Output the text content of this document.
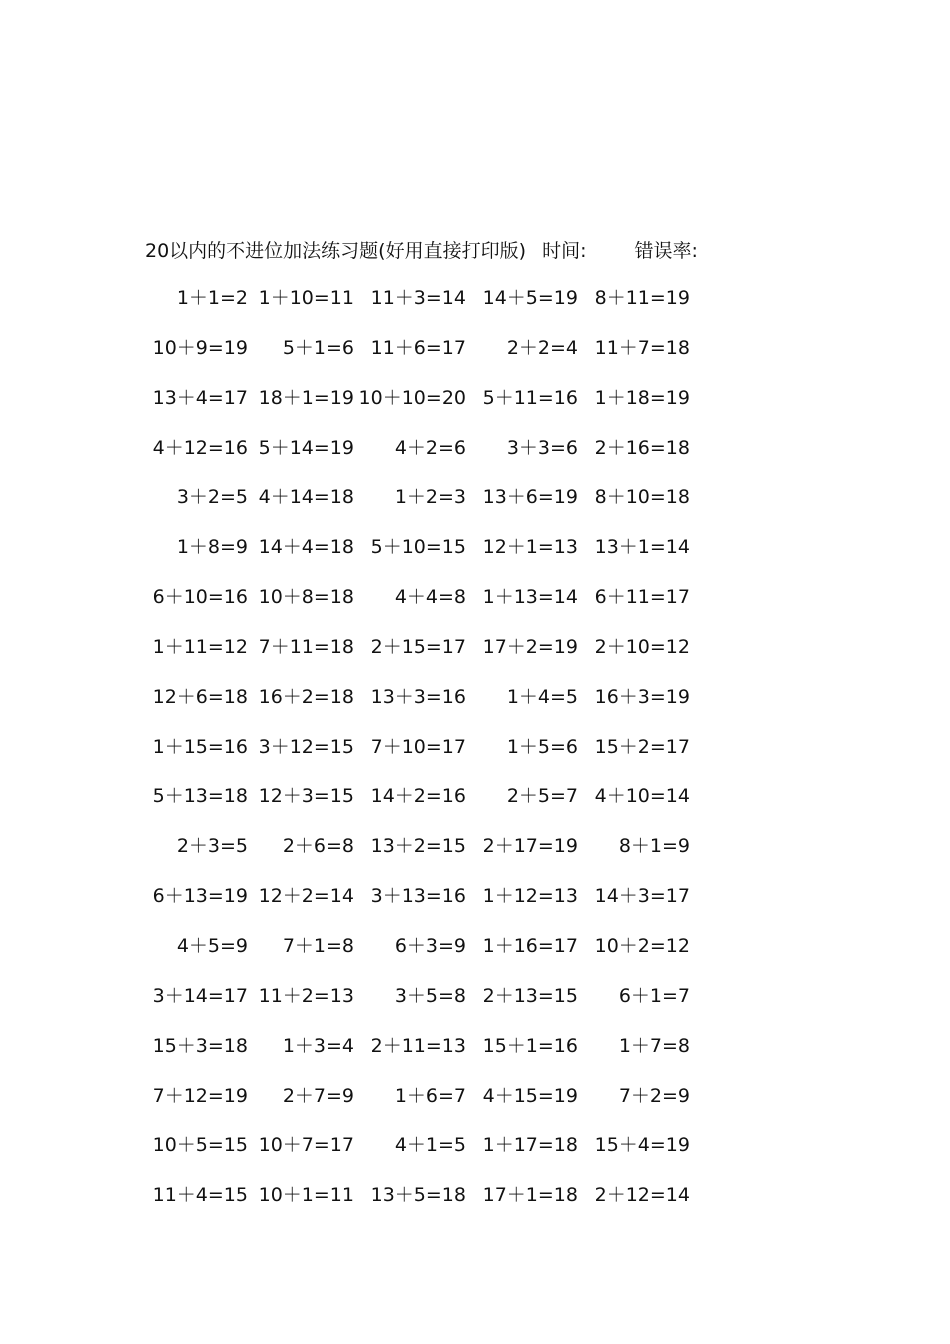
20以内的不进位加法练习题(好用直接打印版) 时间:	错误率:
1＋1=2 1＋10=11 11＋3=14 14＋5=19 8＋11=19
10＋9=19	5＋1=6 11＋6=17	2＋2=4 11＋7=18
13＋4=17 18＋1=19 10＋10=20 5＋11=16 1＋18=19
4＋12=16 5＋14=19	4＋2=6	3＋3=6 2＋16=18
3＋2=5 4＋14=18	1＋2=3 13＋6=19 8＋10=18
1＋8=9 14＋4=18 5＋10=15 12＋1=13 13＋1=14
6＋10=16 10＋8=18	4＋4=8 1＋13=14 6＋11=17
1＋11=12 7＋11=18 2＋15=17 17＋2=19 2＋10=12
12＋6=18 16＋2=18 13＋3=16	1＋4=5 16＋3=19
1＋15=16 3＋12=15 7＋10=17	1＋5=6 15＋2=17
5＋13=18 12＋3=15 14＋2=16	2＋5=7 4＋10=14
2＋3=5	2＋6=8 13＋2=15 2＋17=19	8＋1=9
6＋13=19 12＋2=14 3＋13=16 1＋12=13 14＋3=17
4＋5=9	7＋1=8	6＋3=9 1＋16=17 10＋2=12
3＋14=17 11＋2=13	3＋5=8 2＋13=15	6＋1=7
15＋3=18	1＋3=4 2＋11=13 15＋1=16	1＋7=8
7＋12=19	2＋7=9	1＋6=7 4＋15=19	7＋2=9
10＋5=15 10＋7=17	4＋1=5 1＋17=18 15＋4=19
11＋4=15 10＋1=11 13＋5=18 17＋1=18 2＋12=14
